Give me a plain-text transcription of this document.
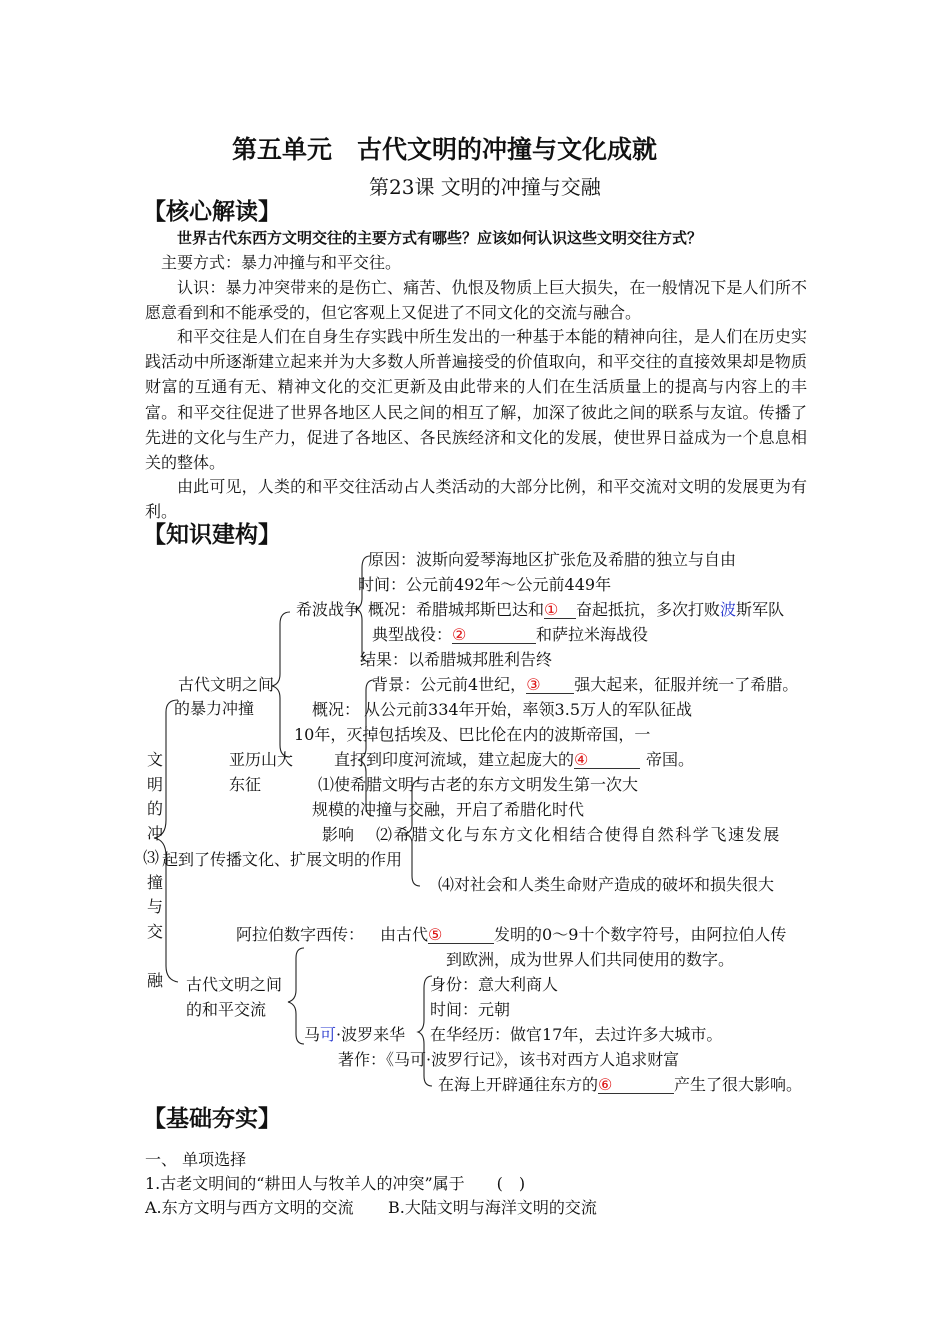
第五单元　古代文明的冲撞与文化成就
第23课 文明的冲撞与交融
【核心解读】
世界古代东西方文明交往的主要方式有哪些？应该如何认识这些文明交往方式？
主要方式：暴力冲撞与和平交往。
认识：暴力冲突带来的是伤亡、痛苦、仇恨及物质上巨大损失，在一般情况下是人们所不愿意看到和不能承受的，但它客观上又促进了不同文化的交流与融合。
和平交往是人们在自身生存实践中所生发出的一种基于本能的精神向往，是人们在历史实践活动中所逐渐建立起来并为大多数人所普遍接受的价值取向，和平交往的直接效果却是物质财富的互通有无、精神文化的交汇更新及由此带来的人们在生活质量上的提高与内容上的丰富。和平交往促进了世界各地区人民之间的相互了解，加深了彼此之间的联系与友谊。传播了先进的文化与生产力，促进了各地区、各民族经济和文化的发展，使世界日益成为一个息息相关的整体。
由此可见，人类的和平交往活动占人类活动的大部分比例，和平交流对文明的发展更为有利。
【知识建构】
文
明
的
冲
撞
与
交
融
⑶
古代文明之间
的暴力冲撞
希波战争
原因：波斯向爱琴海地区扩张危及希腊的独立与自由
时间：公元前492年～公元前449年
概况：希腊城邦斯巴达和① 奋起抵抗，多次打败波斯军队
典型战役：②	和萨拉米海战役
结果：以希腊城邦胜利告终
背景：公元前4世纪，③ 强大起来，征服并统一了希腊。
概况： 从公元前334年开始，率领3.5万人的军队征战
10年，灭掉包括埃及、巴比伦在内的波斯帝国，一
亚历山大	直打到印度河流域，建立起庞大的④	帝国。
东征	⑴使希腊文明与古老的东方文明发生第一次大
规模的冲撞与交融，开启了希腊化时代
影响 ⑵希腊文化与东方文化相结合使得自然科学飞速发展
起到了传播文化、扩展文明的作用
⑷对社会和人类生命财产造成的破坏和损失很大
阿拉伯数字西传： 由古代⑤	发明的0～9十个数字符号，由阿拉伯人传
到欧洲，成为世界人们共同使用的数字。
古代文明之间
的和平交流
身份：意大利商人
时间：元朝
马可·波罗来华 在华经历：做官17年，去过许多大城市。
著作：《马可·波罗行记》，该书对西方人追求财富
在海上开辟通往东方的⑥	产生了很大影响。
【基础夯实】
一、 单项选择
1.古老文明间的“耕田人与牧羊人的冲突”属于　　(　)
A.东方文明与西方文明的交流 B.大陆文明与海洋文明的交流
